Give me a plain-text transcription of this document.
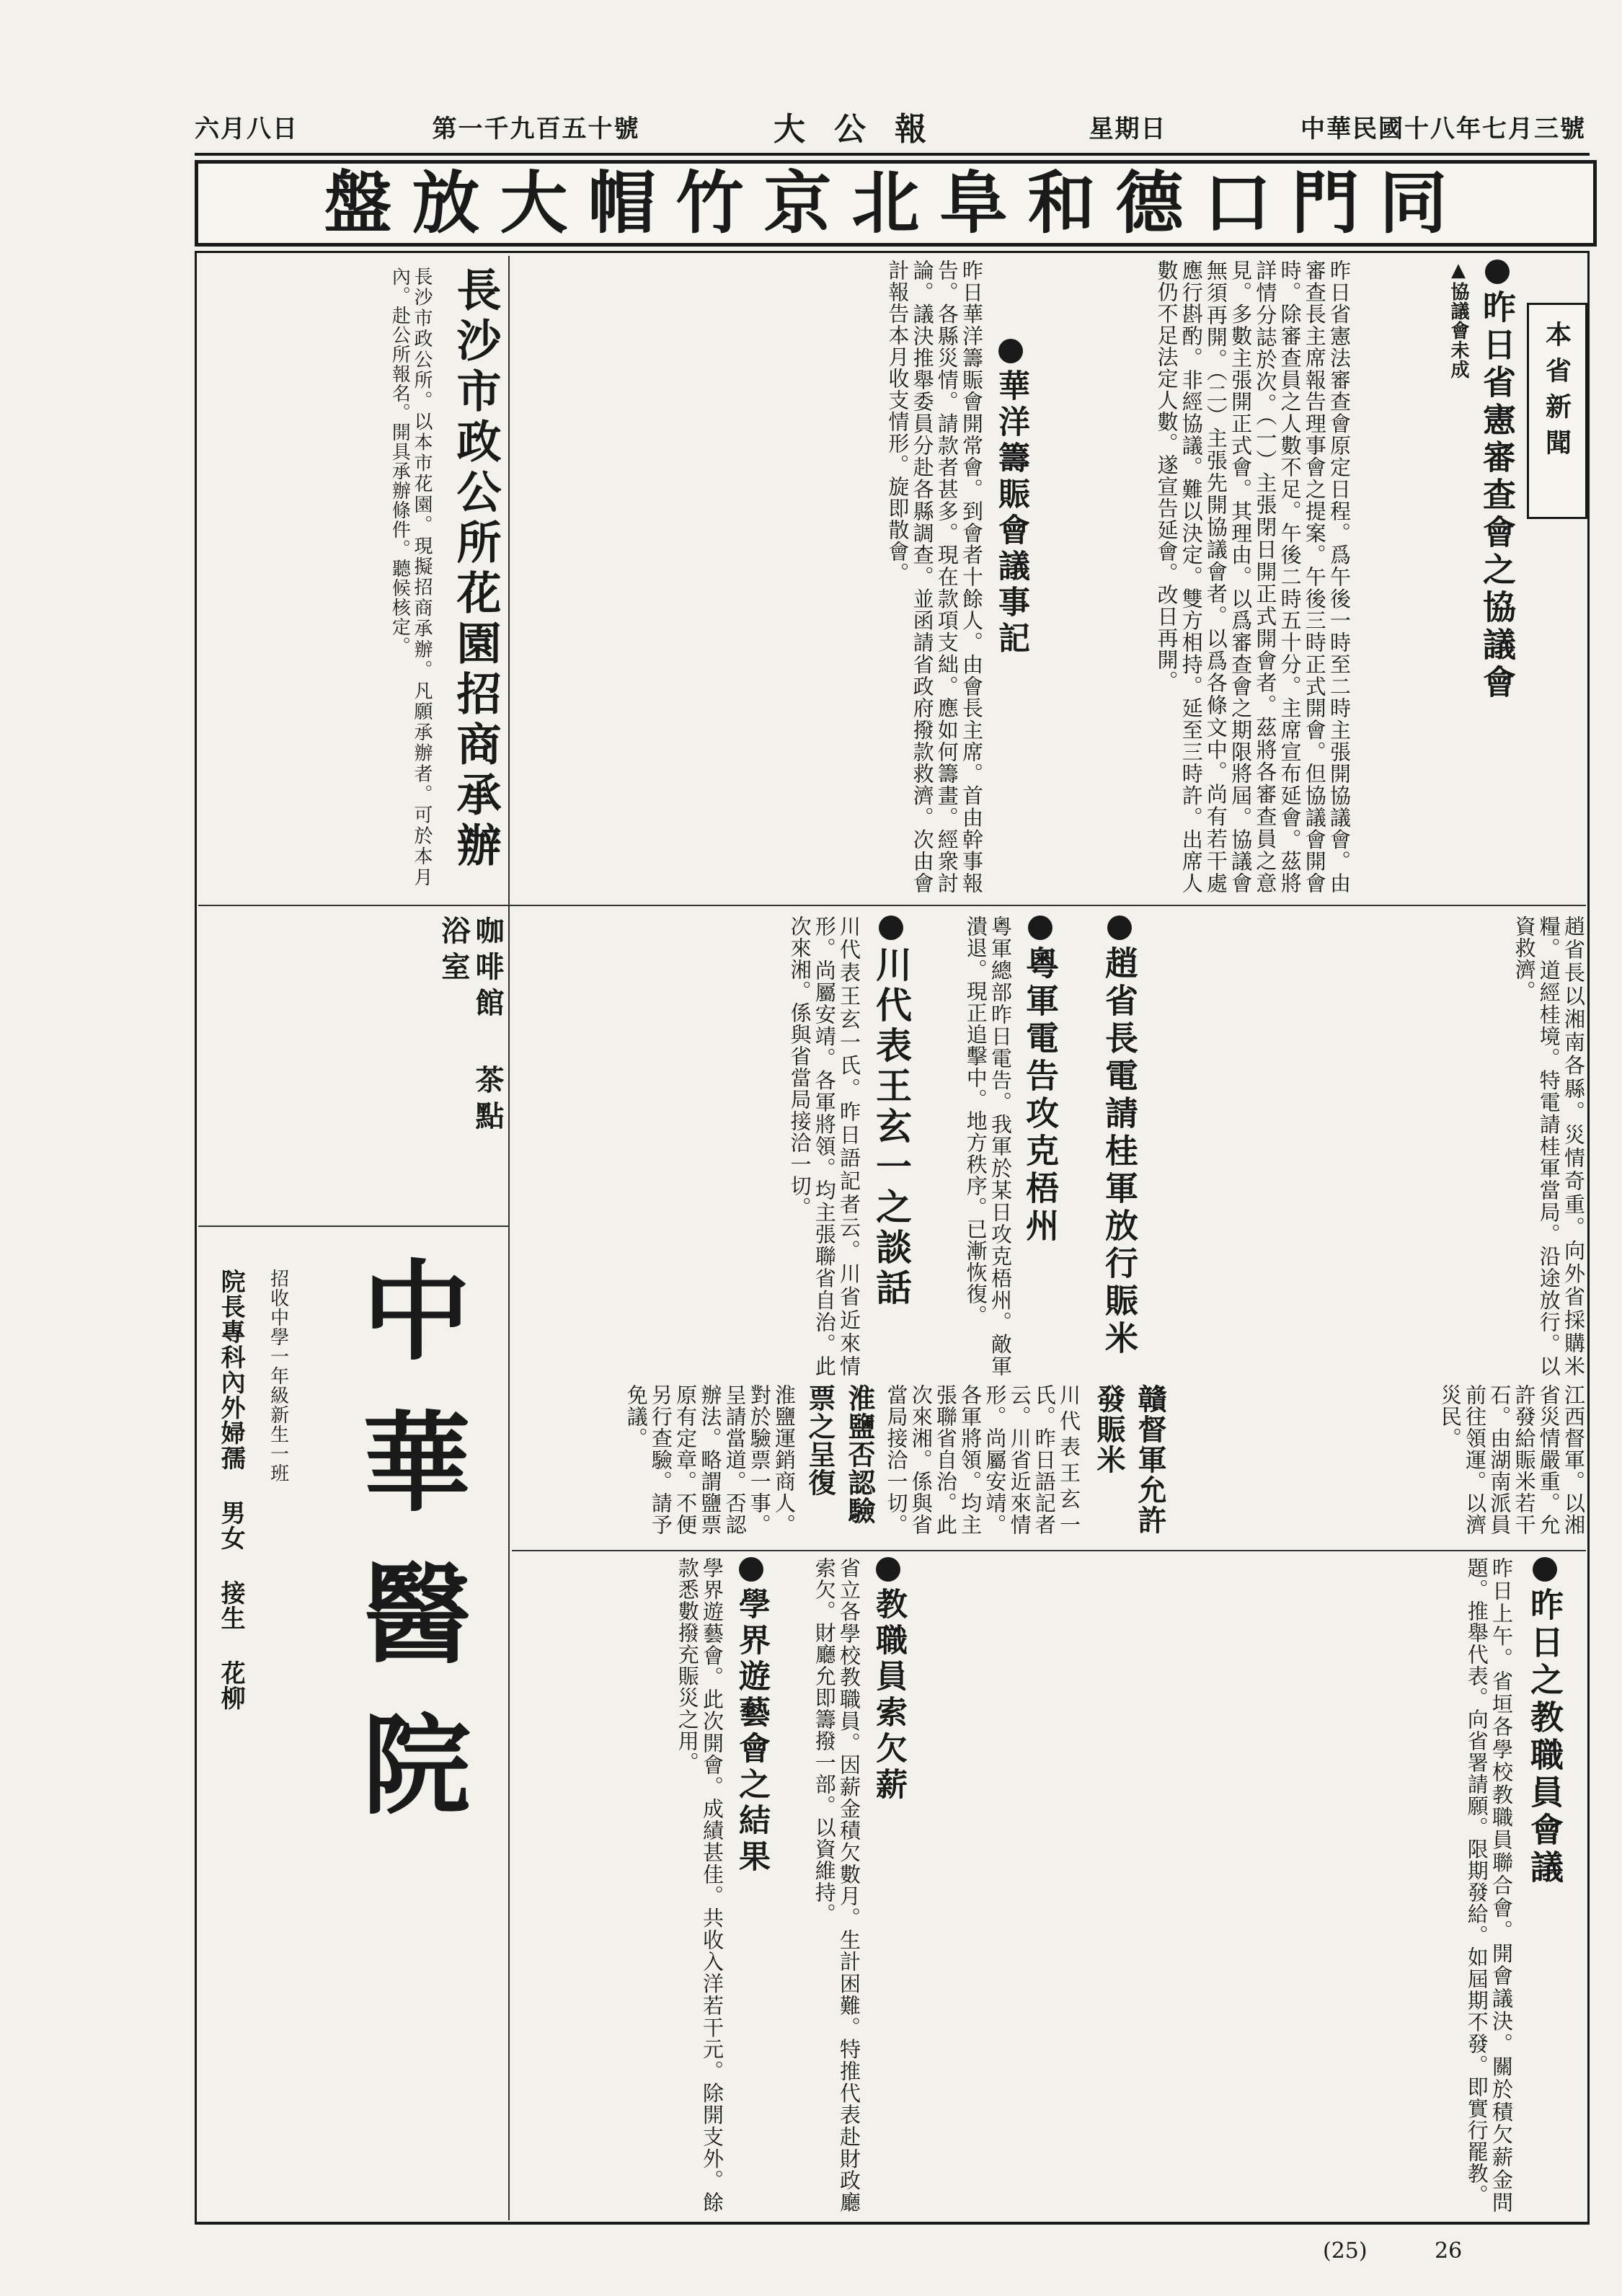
中華民國十八年七月三號
星期日
大公報
第一千九百五十號
六月八日
同門口德和阜北京竹帽大放盤
本省新聞
昨日省憲審查會之協議會
▲協議會未成
昨日省憲法審查會原定日程。爲午後一時至二時主張開協議會。由審查長主席報告理事會之提案。午後三時正式開會。但協議會開會時。除審查員之人數不足。午後二時五十分。主席宣布延會。茲將詳情分誌於次。（一）主張閉日開正式開會者。茲將各審查員之意見。多數主張開正式會。其理由。以爲審查會之期限將屆。協議會無須再開。（二）主張先開協議會者。以爲各條文中。尚有若干處應行斟酌。非經協議。難以決定。雙方相持。延至三時許。出席人數仍不足法定人數。遂宣告延會。改日再開。
華洋籌賑會議事記
昨日華洋籌賑會開常會。到會者十餘人。由會長主席。首由幹事報告。各縣災情。請款者甚多。現在款項支絀。應如何籌畫。經衆討論。議決推舉委員分赴各縣調查。並函請省政府撥款救濟。次由會計報告本月收支情形。旋即散會。
長沙市政公所花園招商承辦
長沙市政公所。以本市花園。現擬招商承辦。凡願承辦者。可於本月內。赴公所報名。開具承辦條件。聽候核定。
咖啡館 茶點 浴室
中華醫院
院長專科內外婦孺 男女 接生 花柳 招收中學一年級新生一班
趙省長電請桂軍放行賑米	趙省長以湘南各縣。災情奇重。向外省採購米糧。道經桂境。特電請桂軍當局。沿途放行。以資救濟。
粵軍電告攻克梧州
粵軍總部昨日電告。我軍於某日攻克梧州。敵軍潰退。現正追擊中。地方秩序。已漸恢復。
川代表王玄一之談話
川代表王玄一氏。昨日語記者云。川省近來情形。尚屬安靖。各軍將領。均主張聯省自治。此次來湘。係與省當局接洽一切。
贛督軍允許發賑米	江西督軍。以湘省災情嚴重。允許發給賑米若干石。由湖南派員前往領運。以濟災民。
淮鹽否認驗票之呈復
淮鹽運銷商人。對於驗票一事。呈請當道。否認辦法。略謂鹽票原有定章。不便另行查驗。請予免議。	川代表王玄一氏。昨日語記者云。川省近來情形。尚屬安靖。各軍將領。均主張聯省自治。此次來湘。係與省當局接洽一切。
昨日之教職員會議
昨日上午。省垣各學校教職員聯合會。開會議決。關於積欠薪金問題。推舉代表。向省署請願。限期發給。如屆期不發。即實行罷教。
教職員索欠薪
省立各學校教職員。因薪金積欠數月。生計困難。特推代表赴財政廳索欠。財廳允即籌撥一部。以資維持。
學界遊藝會之結果
學界遊藝會。此次開會。成績甚佳。共收入洋若干元。除開支外。餘款悉數撥充賑災之用。
(25)	26
